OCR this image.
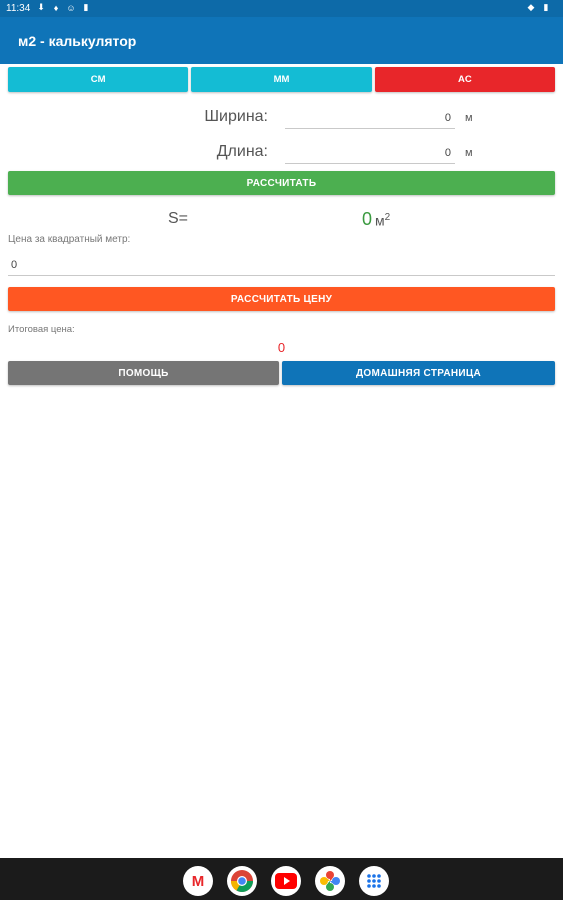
11:34 ⬇ ♦ ☺ ▮	◆ ▮
м2 - калькулятор
CM	MM	AC
Ширина:	0	м
Длина:	0	м
РАССЧИТАТЬ
S=	0 $м^2$
Цена за квадратный метр:
0
РАССЧИТАТЬ ЦЕНУ
Итоговая цена:
0
ПОМОЩЬ	ДОМАШНЯЯ СТРАНИЦА
M
